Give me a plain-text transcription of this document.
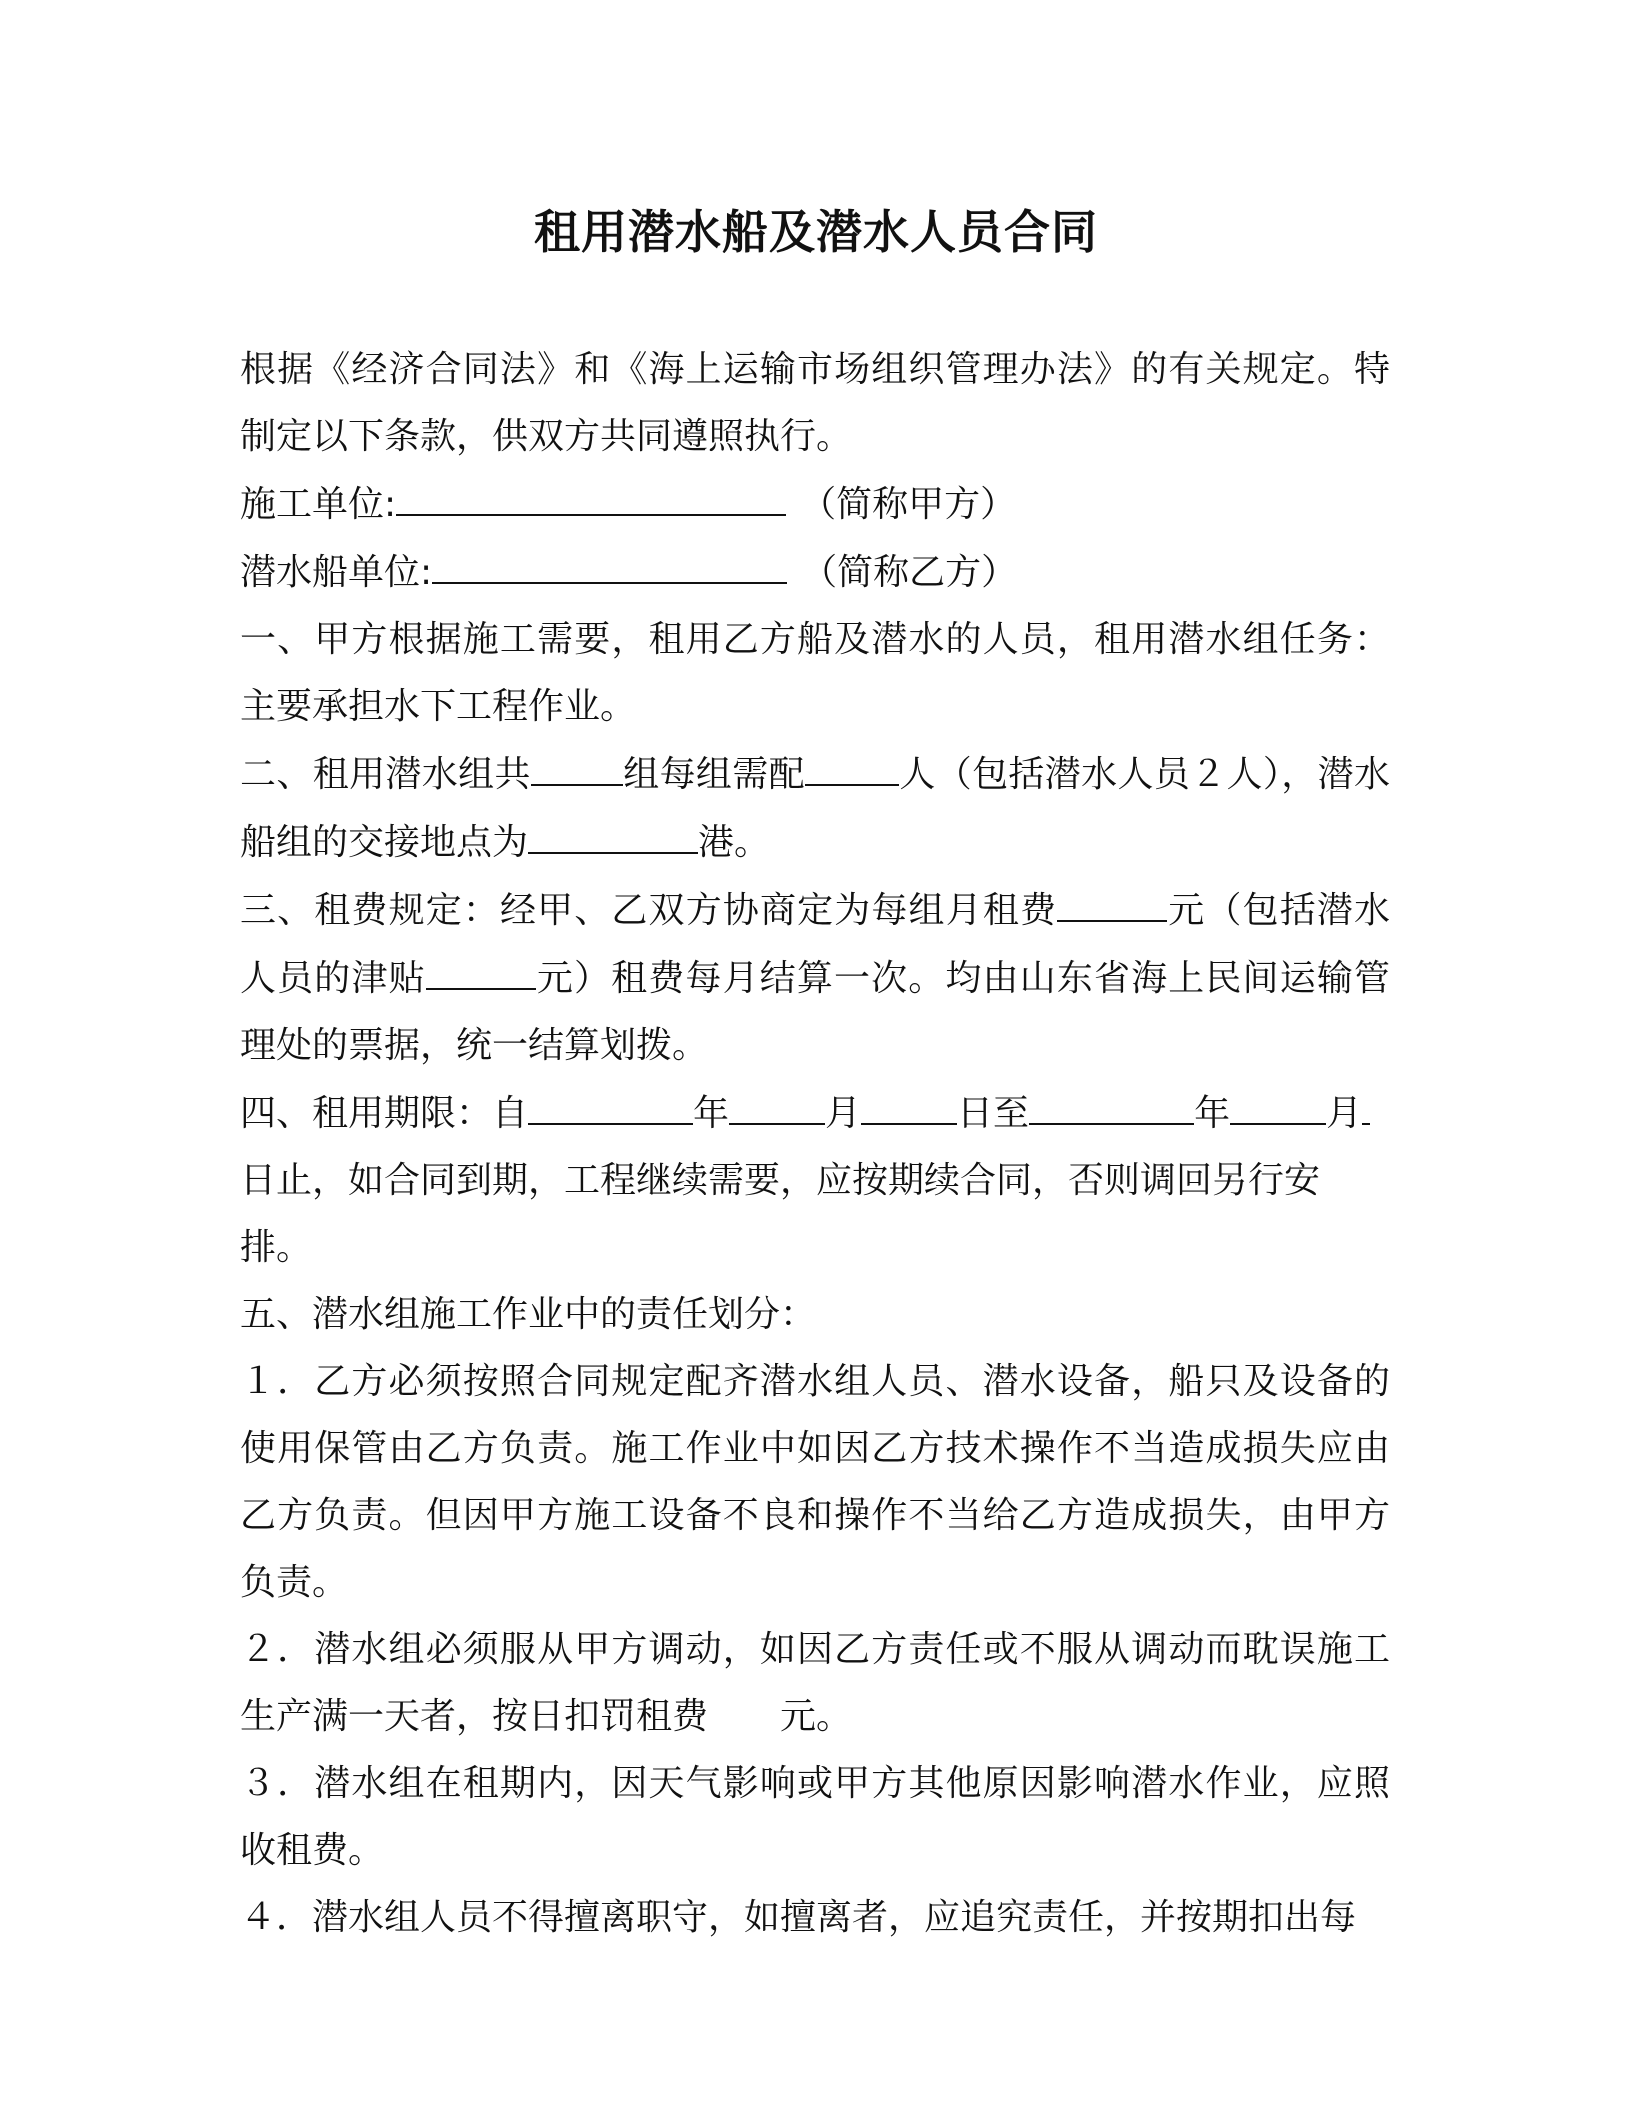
租用潜水船及潜水人员合同

根据《经济合同法》和《海上运输市场组织管理办法》的有关规定。特制定以下条款，供双方共同遵照执行。

施工单位:	（简称甲方）

潜水船单位:	（简称乙方）

一、甲方根据施工需要，租用乙方船及潜水的人员，租用潜水组任务：主要承担水下工程作业。

二、租用潜水组共	组每组需配	人（包括潜水人员２人），潜水船组的交接地点为	港。

三、租费规定：经甲、乙双方协商定为每组月租费	元（包括潜水人员的津贴	元）租费每月结算一次。均由山东省海上民间运输管理处的票据，统一结算划拨。

四、租用期限：自	年	月	日至	年	月
日止，如合同到期，工程继续需要，应按期续合同，否则调回另行安排。

五、潜水组施工作业中的责任划分：

１．乙方必须按照合同规定配齐潜水组人员、潜水设备，船只及设备的使用保管由乙方负责。施工作业中如因乙方技术操作不当造成损失应由乙方负责。但因甲方施工设备不良和操作不当给乙方造成损失，由甲方负责。

２．潜水组必须服从甲方调动，如因乙方责任或不服从调动而耽误施工生产满一天者，按日扣罚租费 元。

３．潜水组在租期内，因天气影响或甲方其他原因影响潜水作业，应照收租费。

４．潜水组人员不得擅离职守，如擅离者，应追究责任，并按期扣出每
